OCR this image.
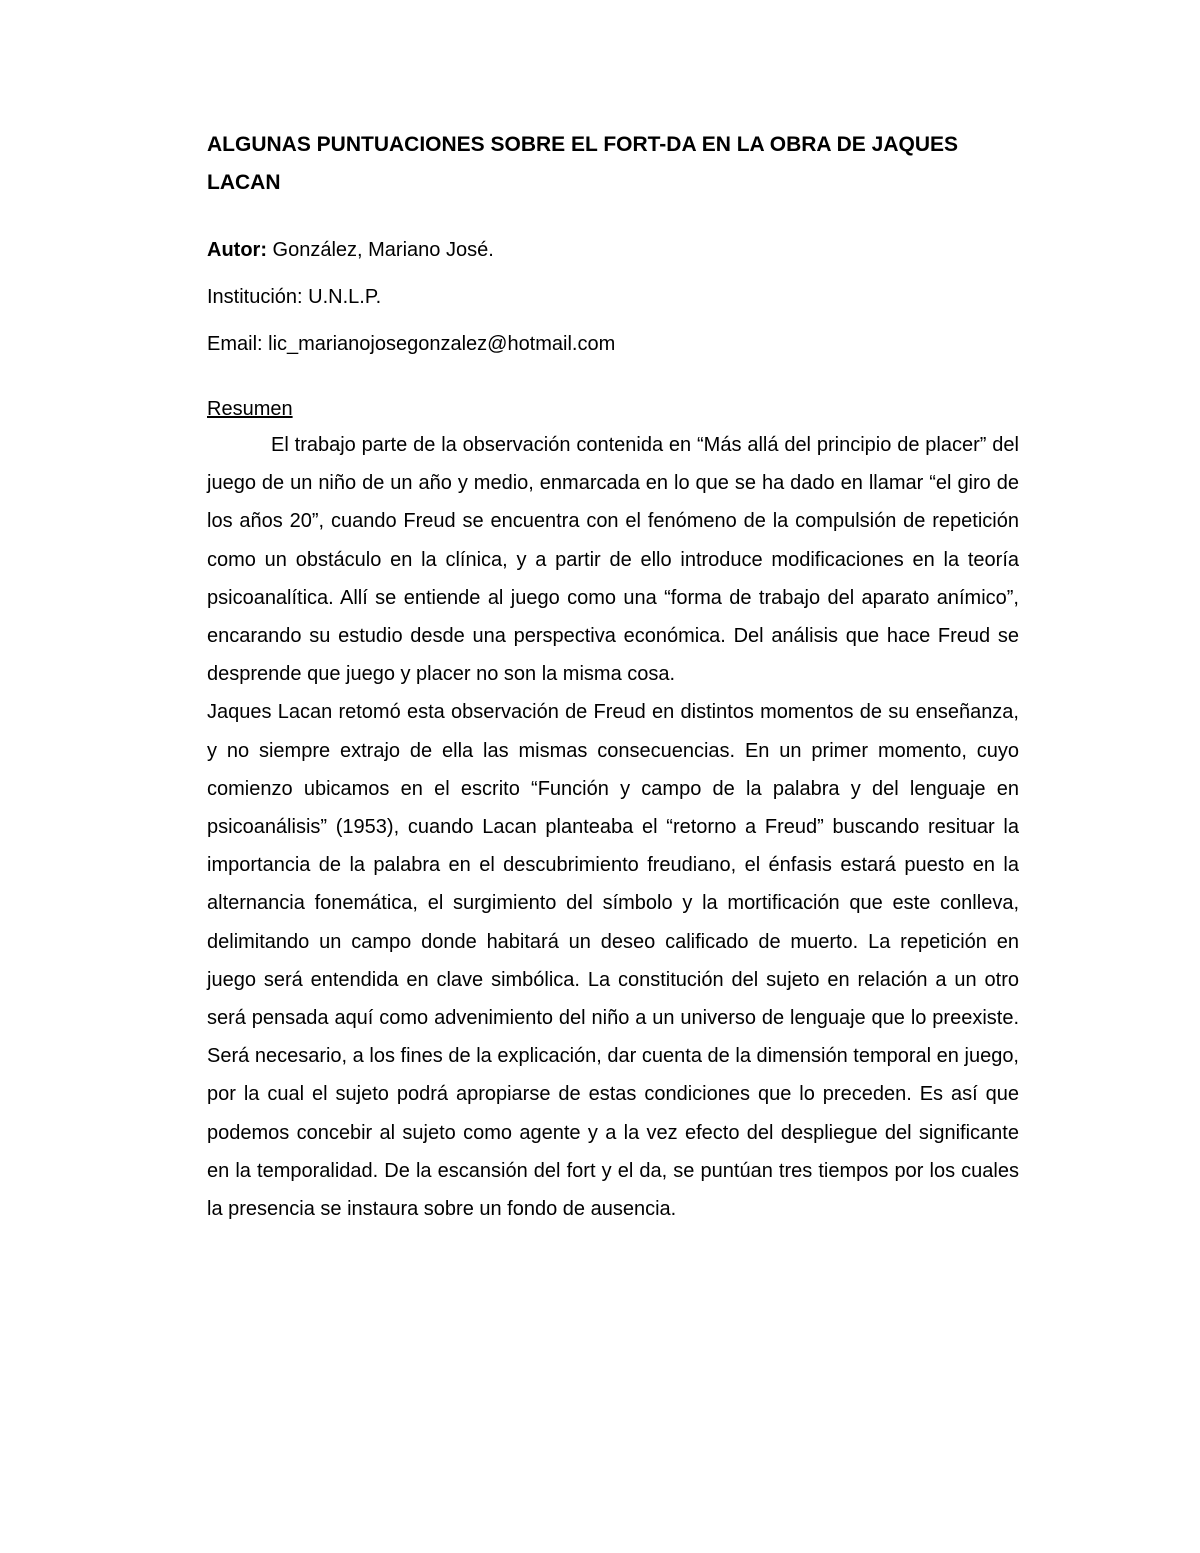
ALGUNAS PUNTUACIONES SOBRE EL FORT-DA EN LA OBRA DE JAQUES LACAN

Autor: González, Mariano José.

Institución: U.N.L.P.

Email: lic_marianojosegonzalez@hotmail.com

Resumen

El trabajo parte de la observación contenida en “Más allá del principio de placer” del juego de un niño de un año y medio, enmarcada en lo que se ha dado en llamar “el giro de los años 20”, cuando Freud se encuentra con el fenómeno de la compulsión de repetición como un obstáculo en la clínica, y a partir de ello introduce modificaciones en la teoría psicoanalítica. Allí se entiende al juego como una “forma de trabajo del aparato anímico”, encarando su estudio desde una perspectiva económica. Del análisis que hace Freud se desprende que juego y placer no son la misma cosa.

Jaques Lacan retomó esta observación de Freud en distintos momentos de su enseñanza, y no siempre extrajo de ella las mismas consecuencias. En un primer momento, cuyo comienzo ubicamos en el escrito “Función y campo de la palabra y del lenguaje en psicoanálisis” (1953), cuando Lacan planteaba el “retorno a Freud” buscando resituar la importancia de la palabra en el descubrimiento freudiano, el énfasis estará puesto en la alternancia fonemática, el surgimiento del símbolo y la mortificación que este conlleva, delimitando un campo donde habitará un deseo calificado de muerto. La repetición en juego será entendida en clave simbólica. La constitución del sujeto en relación a un otro será pensada aquí como advenimiento del niño a un universo de lenguaje que lo preexiste. Será necesario, a los fines de la explicación, dar cuenta de la dimensión temporal en juego, por la cual el sujeto podrá apropiarse de estas condiciones que lo preceden. Es así que podemos concebir al sujeto como agente y a la vez efecto del despliegue del significante en la temporalidad. De la escansión del fort y el da, se puntúan tres tiempos por los cuales la presencia se instaura sobre un fondo de ausencia.
